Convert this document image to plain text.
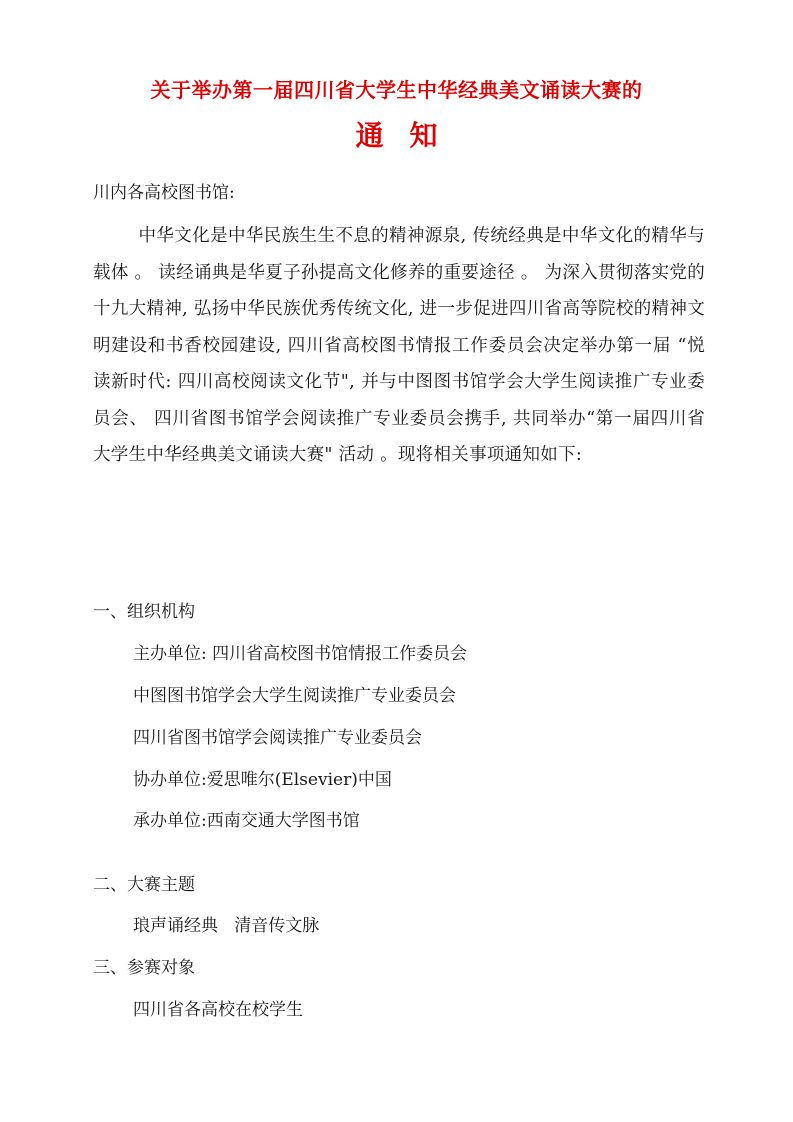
关于举办第一届四川省大学生中华经典美文诵读大赛的
通知
川内各高校图书馆:
中华文化是中华民族生生不息的精神源泉, 传统经典是中华文化的精华与载体 。 读经诵典是华夏子孙提高文化修养的重要途径 。 为深入贯彻落实党的十九大精神, 弘扬中华民族优秀传统文化, 进一步促进四川省高等院校的精神文明建设和书香校园建设, 四川省高校图书情报工作委员会决定举办第一届 “悦读新时代: 四川高校阅读文化节", 并与中图图书馆学会大学生阅读推广专业委员会、 四川省图书馆学会阅读推广专业委员会携手, 共同举办“第一届四川省大学生中华经典美文诵读大赛" 活动 。现将相关事项通知如下:
一、组织机构
主办单位: 四川省高校图书馆情报工作委员会
中图图书馆学会大学生阅读推广专业委员会
四川省图书馆学会阅读推广专业委员会
协办单位:爱思唯尔(Elsevier)中国
承办单位:西南交通大学图书馆
二、大赛主题
琅声诵经典   清音传文脉
三、参赛对象
四川省各高校在校学生
